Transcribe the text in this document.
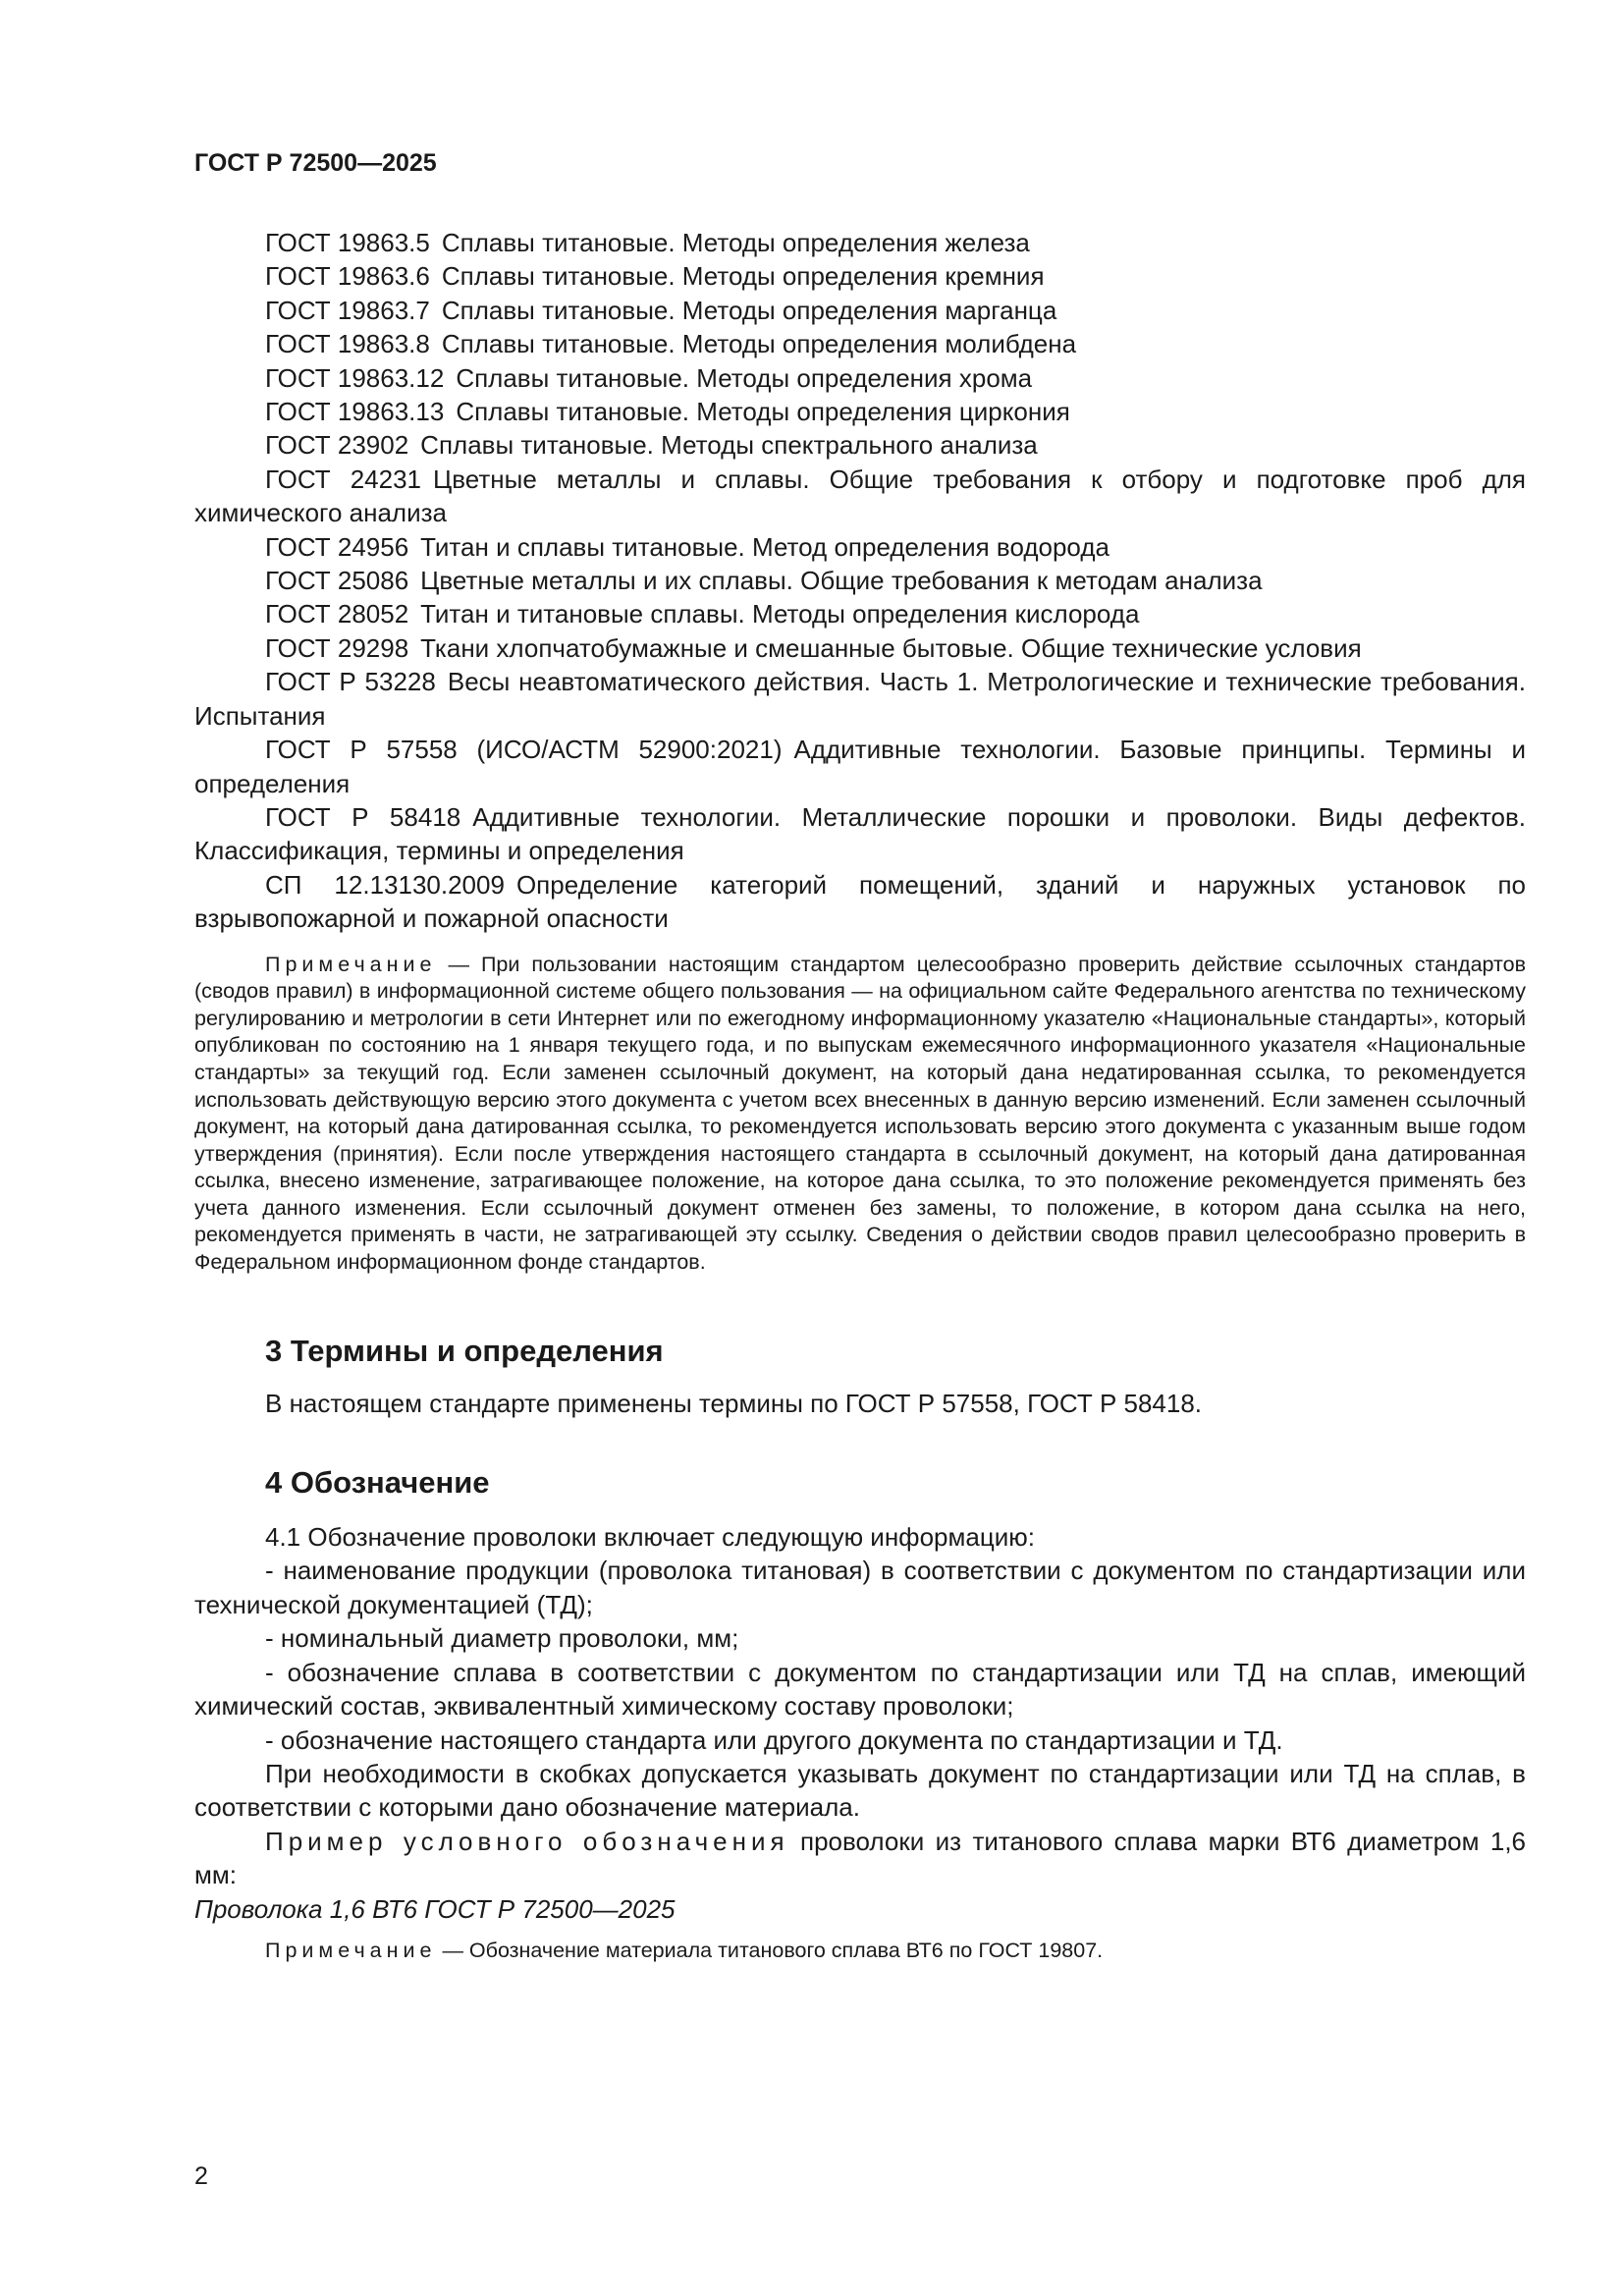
ГОСТ Р 72500—2025

ГОСТ 19863.5 Сплавы титановые. Методы определения железа

ГОСТ 19863.6 Сплавы титановые. Методы определения кремния

ГОСТ 19863.7 Сплавы титановые. Методы определения марганца

ГОСТ 19863.8 Сплавы титановые. Методы определения молибдена

ГОСТ 19863.12 Сплавы титановые. Методы определения хрома

ГОСТ 19863.13 Сплавы титановые. Методы определения циркония

ГОСТ 23902 Сплавы титановые. Методы спектрального анализа

ГОСТ 24231 Цветные металлы и сплавы. Общие требования к отбору и подготовке проб для химического анализа

ГОСТ 24956 Титан и сплавы титановые. Метод определения водорода

ГОСТ 25086 Цветные металлы и их сплавы. Общие требования к методам анализа

ГОСТ 28052 Титан и титановые сплавы. Методы определения кислорода

ГОСТ 29298 Ткани хлопчатобумажные и смешанные бытовые. Общие технические условия

ГОСТ Р 53228 Весы неавтоматического действия. Часть 1. Метрологические и технические требования. Испытания

ГОСТ Р 57558 (ИСО/АСТМ 52900:2021) Аддитивные технологии. Базовые принципы. Термины и определения

ГОСТ Р 58418 Аддитивные технологии. Металлические порошки и проволоки. Виды дефектов. Классификация, термины и определения

СП 12.13130.2009 Определение категорий помещений, зданий и наружных установок по взрывопожарной и пожарной опасности

Примечание — При пользовании настоящим стандартом целесообразно проверить действие ссылочных стандартов (сводов правил) в информационной системе общего пользования — на официальном сайте Федерального агентства по техническому регулированию и метрологии в сети Интернет или по ежегодному информационному указателю «Национальные стандарты», который опубликован по состоянию на 1 января текущего года, и по выпускам ежемесячного информационного указателя «Национальные стандарты» за текущий год. Если заменен ссылочный документ, на который дана недатированная ссылка, то рекомендуется использовать действующую версию этого документа с учетом всех внесенных в данную версию изменений. Если заменен ссылочный документ, на который дана датированная ссылка, то рекомендуется использовать версию этого документа с указанным выше годом утверждения (принятия). Если после утверждения настоящего стандарта в ссылочный документ, на который дана датированная ссылка, внесено изменение, затрагивающее положение, на которое дана ссылка, то это положение рекомендуется применять без учета данного изменения. Если ссылочный документ отменен без замены, то положение, в котором дана ссылка на него, рекомендуется применять в части, не затрагивающей эту ссылку. Сведения о действии сводов правил целесообразно проверить в Федеральном информационном фонде стандартов.

3 Термины и определения

В настоящем стандарте применены термины по ГОСТ Р 57558, ГОСТ Р 58418.

4 Обозначение

4.1 Обозначение проволоки включает следующую информацию:

- наименование продукции (проволока титановая) в соответствии с документом по стандартизации или технической документацией (ТД);

- номинальный диаметр проволоки, мм;

- обозначение сплава в соответствии с документом по стандартизации или ТД на сплав, имеющий химический состав, эквивалентный химическому составу проволоки;

- обозначение настоящего стандарта или другого документа по стандартизации и ТД.

При необходимости в скобках допускается указывать документ по стандартизации или ТД на сплав, в соответствии с которыми дано обозначение материала.

Пример условного обозначения проволоки из титанового сплава марки ВТ6 диаметром 1,6 мм:

Проволока 1,6 ВТ6 ГОСТ Р 72500—2025

Примечание — Обозначение материала титанового сплава ВТ6 по ГОСТ 19807.

2
